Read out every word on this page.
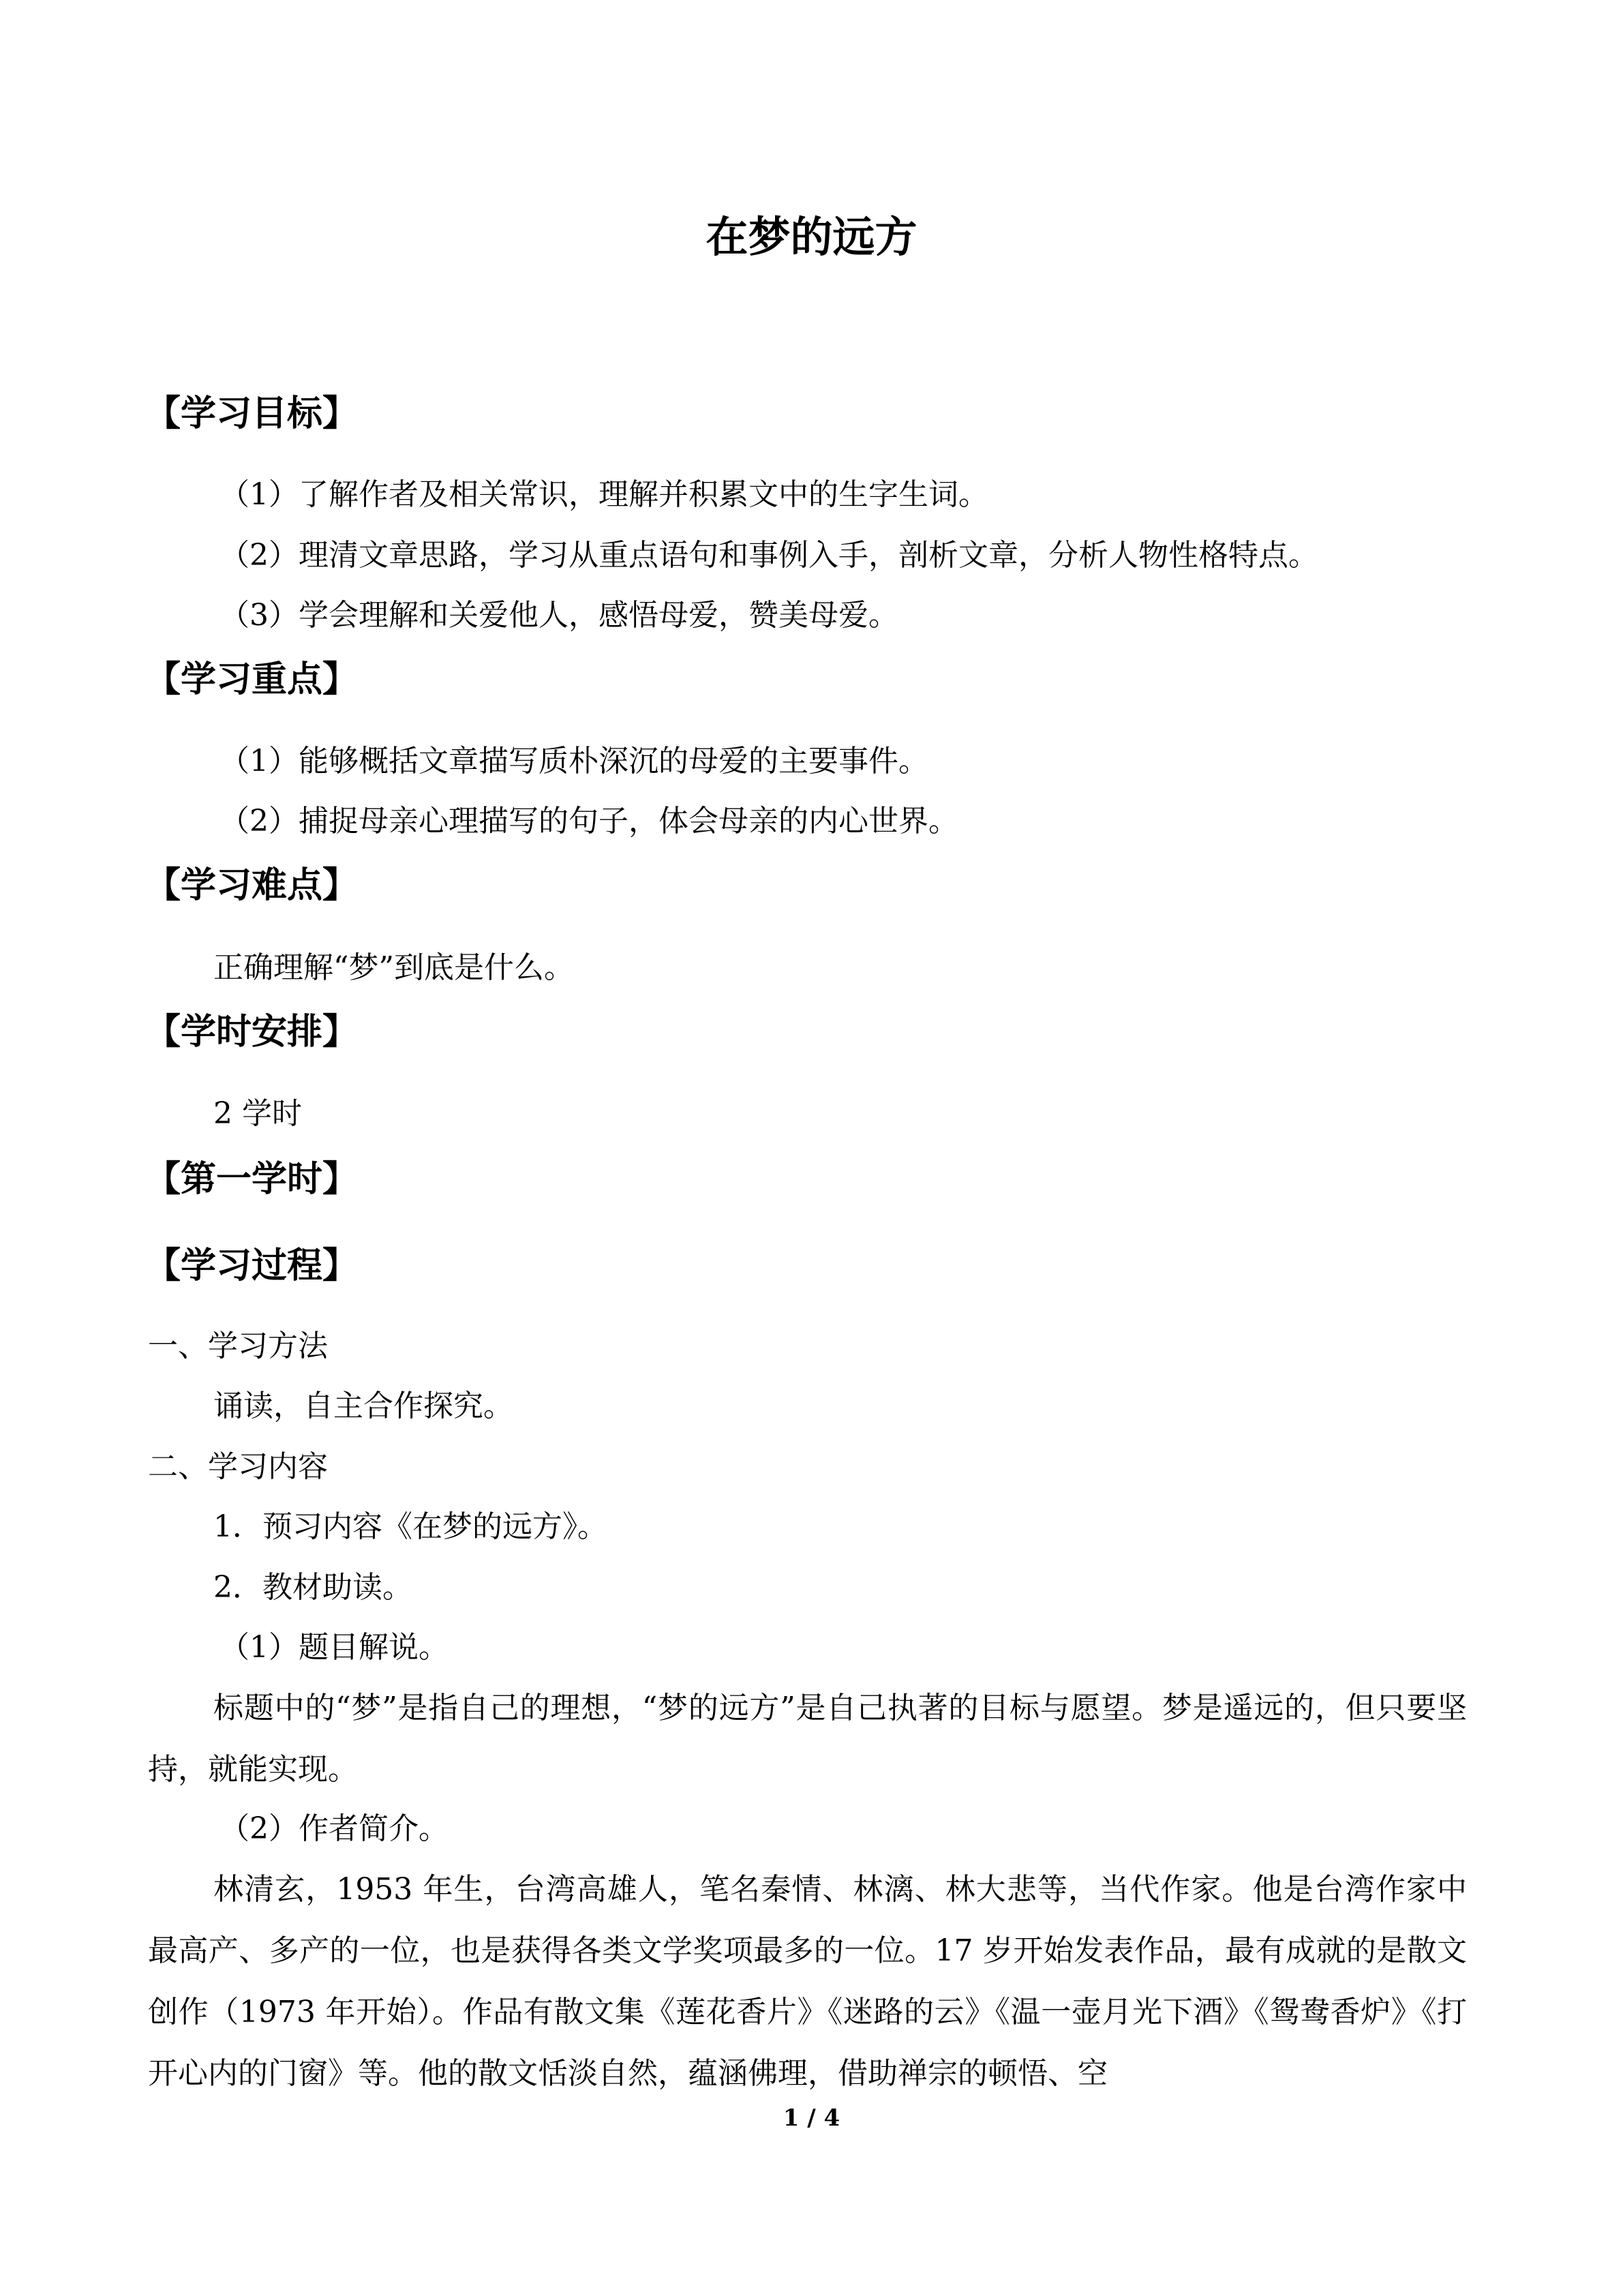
在梦的远方
【学习目标】
（1）了解作者及相关常识，理解并积累文中的生字生词。
（2）理清文章思路，学习从重点语句和事例入手，剖析文章，分析人物性格特点。
（3）学会理解和关爱他人，感悟母爱，赞美母爱。
【学习重点】
（1）能够概括文章描写质朴深沉的母爱的主要事件。
（2）捕捉母亲心理描写的句子，体会母亲的内心世界。
【学习难点】
正确理解“梦”到底是什么。
【学时安排】
2 学时
【第一学时】
【学习过程】
一、学习方法
诵读，自主合作探究。
二、学习内容
1．预习内容《在梦的远方》。
2．教材助读。
（1）题目解说。
标题中的“梦”是指自己的理想，“梦的远方”是自己执著的目标与愿望。梦是遥远的，但只要坚持，就能实现。
（2）作者简介。
林清玄，1953 年生，台湾高雄人，笔名秦情、林漓、林大悲等，当代作家。他是台湾作家中最高产、多产的一位，也是获得各类文学奖项最多的一位。17 岁开始发表作品，最有成就的是散文创作（1973 年开始）。作品有散文集《莲花香片》《迷路的云》《温一壶月光下酒》《鸳鸯香炉》《打开心内的门窗》等。他的散文恬淡自然，蕴涵佛理，借助禅宗的顿悟、空
1 / 4
